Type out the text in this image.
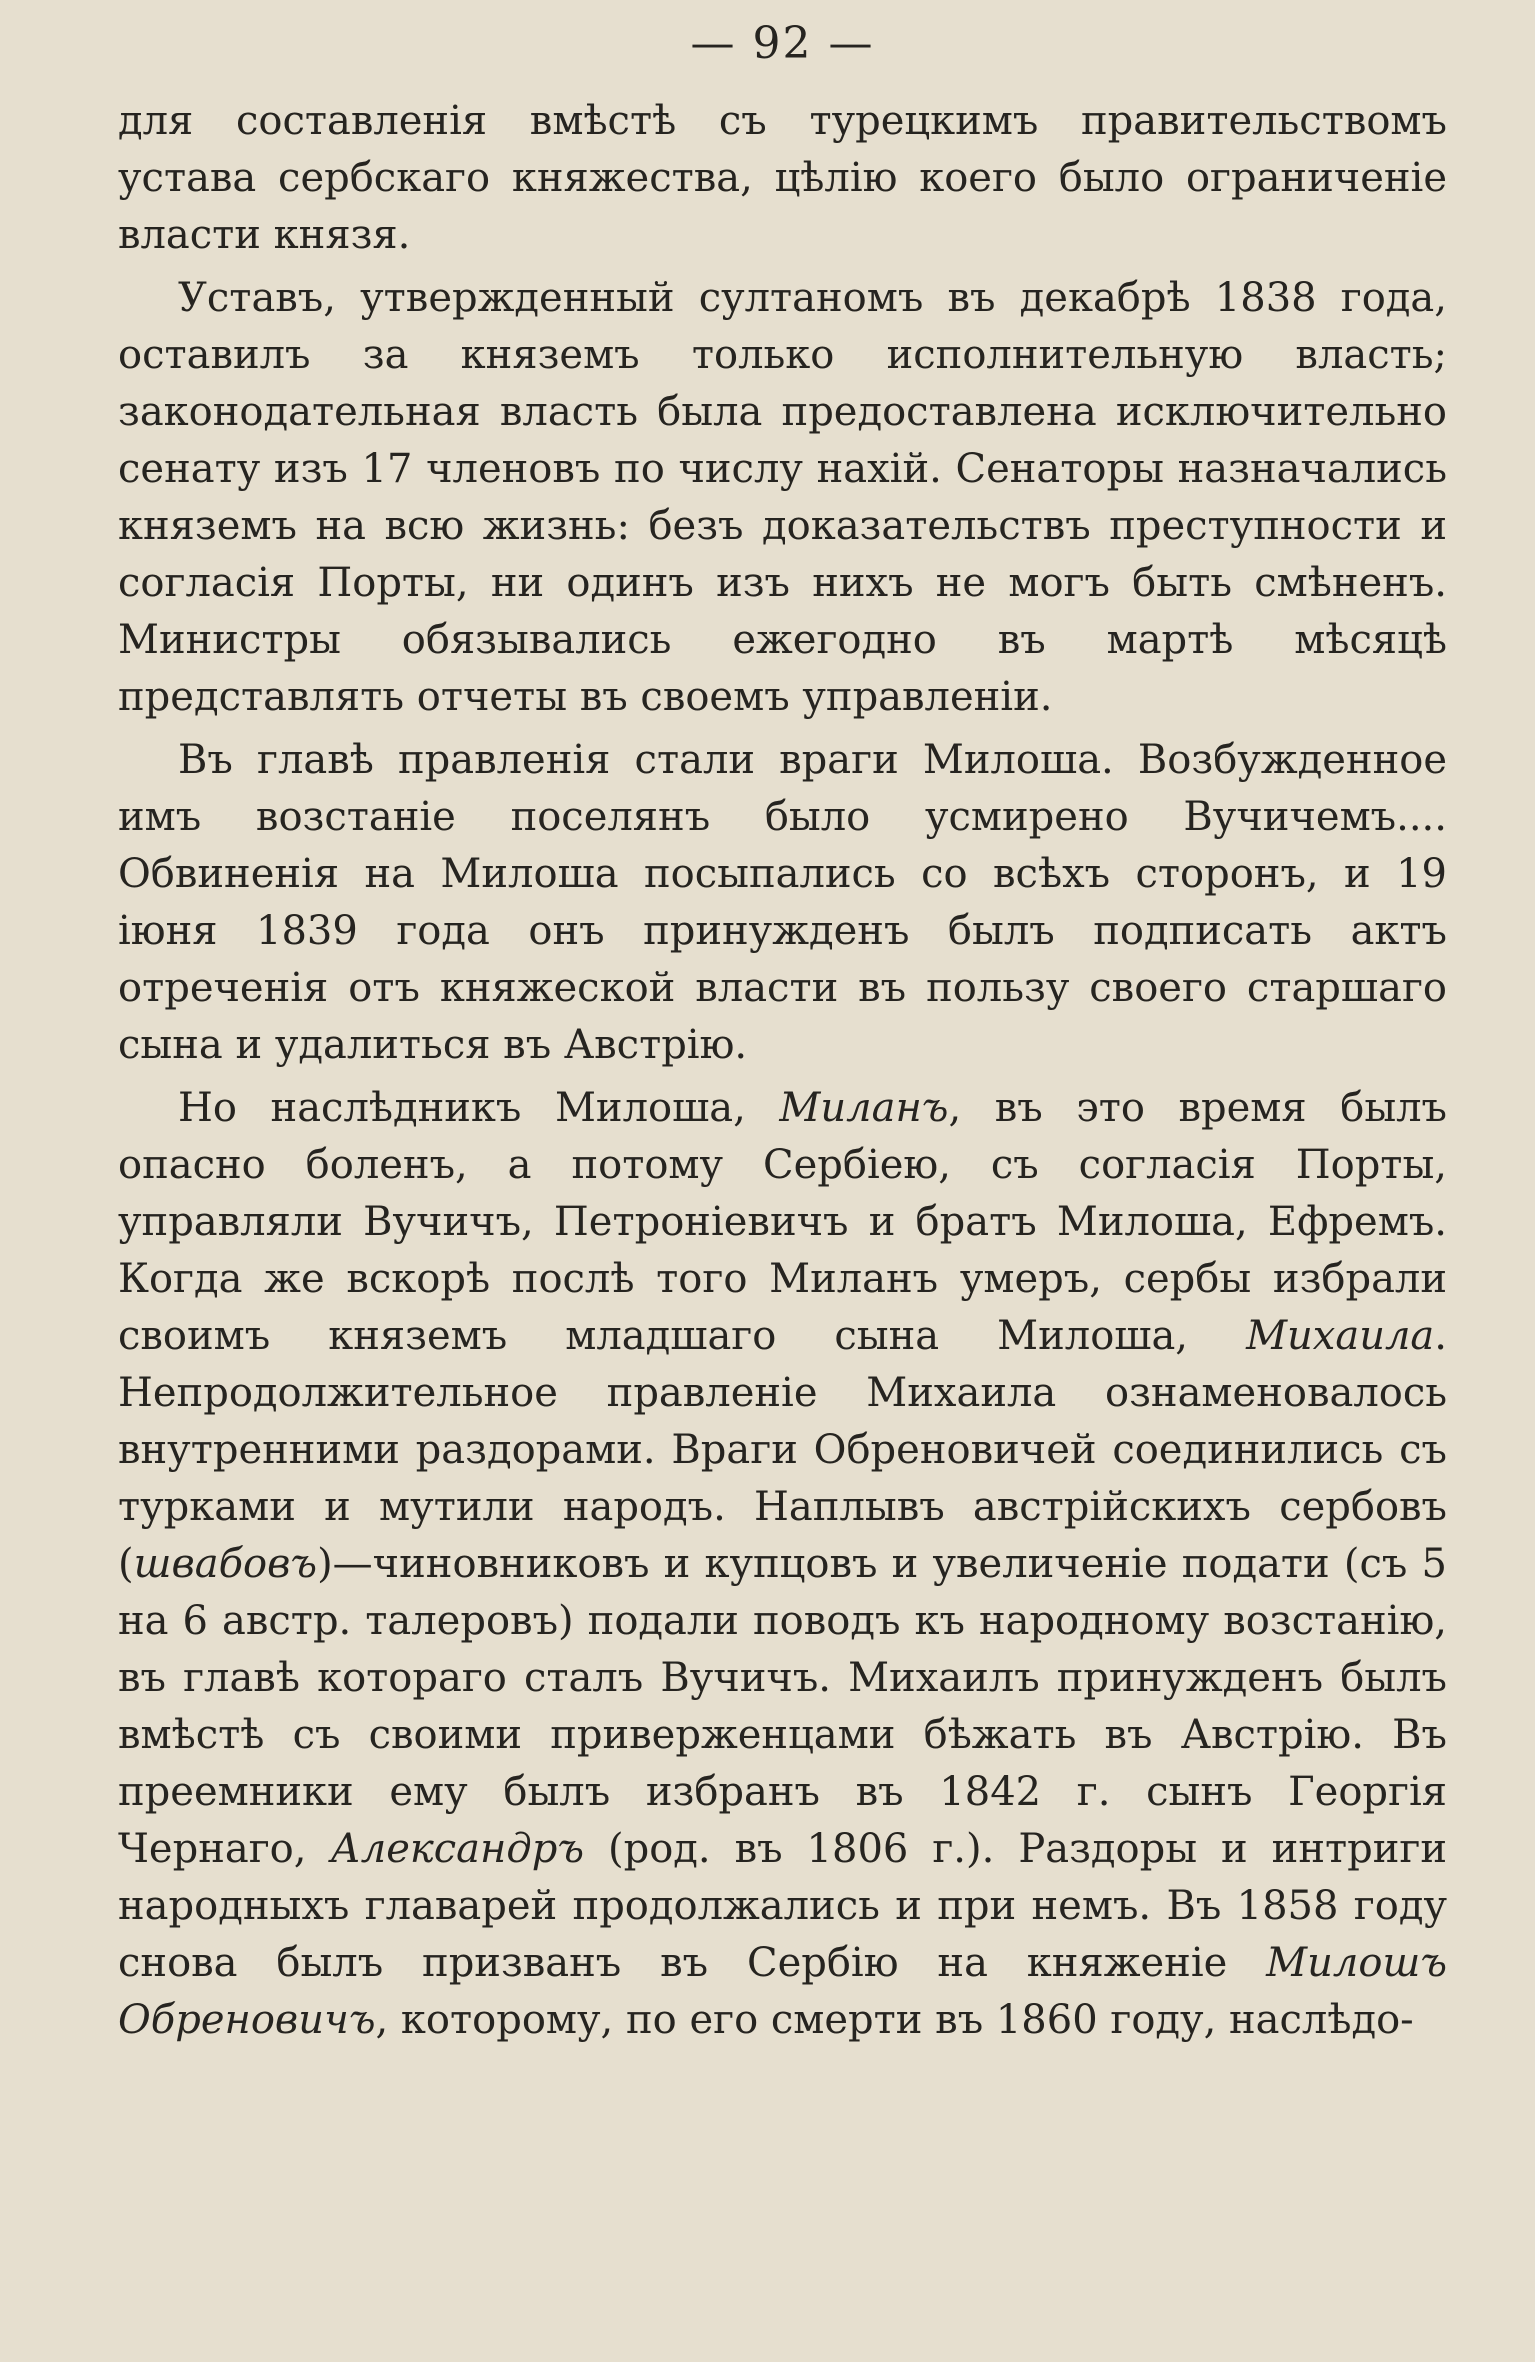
— 92 —

для составленія вмѣстѣ съ турецкимъ правительствомъ устава сербскаго княжества, цѣлію коего было ограниченіе власти князя.

Уставъ, утвержденный султаномъ въ декабрѣ 1838 года, оставилъ за княземъ только исполнительную власть; законодательная власть была предоставлена исключительно сенату изъ 17 членовъ по числу нахій. Сенаторы назначались княземъ на всю жизнь: безъ доказательствъ преступности и согласія Порты, ни одинъ изъ нихъ не могъ быть смѣненъ. Министры обязывались ежегодно въ мартѣ мѣсяцѣ представлять отчеты въ своемъ управленіи.

Въ главѣ правленія стали враги Милоша. Возбужденное имъ возстаніе поселянъ было усмирено Вучичемъ.... Обвиненія на Милоша посыпались со всѣхъ сторонъ, и 19 іюня 1839 года онъ принужденъ былъ подписать актъ отреченія отъ княжеской власти въ пользу своего старшаго сына и удалиться въ Австрію.

Но наслѣдникъ Милоша, Миланъ, въ это время былъ опасно боленъ, а потому Сербіею, съ согласія Порты, управляли Вучичъ, Петроніевичъ и братъ Милоша, Ефремъ. Когда же вскорѣ послѣ того Миланъ умеръ, сербы избрали своимъ княземъ младшаго сына Милоша, Михаила. Непродолжительное правленіе Михаила ознаменовалось внутренними раздорами. Враги Обреновичей соединились съ турками и мутили народъ. Наплывъ австрійскихъ сербовъ (швабовъ)—чиновниковъ и купцовъ и увеличеніе подати (съ 5 на 6 австр. талеровъ) подали поводъ къ народному возстанію, въ главѣ котораго сталъ Вучичъ. Михаилъ принужденъ былъ вмѣстѣ съ своими приверженцами бѣжать въ Австрію. Въ преемники ему былъ избранъ въ 1842 г. сынъ Георгія Чернаго, Александръ (род. въ 1806 г.). Раздоры и интриги народныхъ главарей продолжались и при немъ. Въ 1858 году снова былъ призванъ въ Сербію на княженіе Милошъ Обреновичъ, которому, по его смерти въ 1860 году, наслѣдо-
